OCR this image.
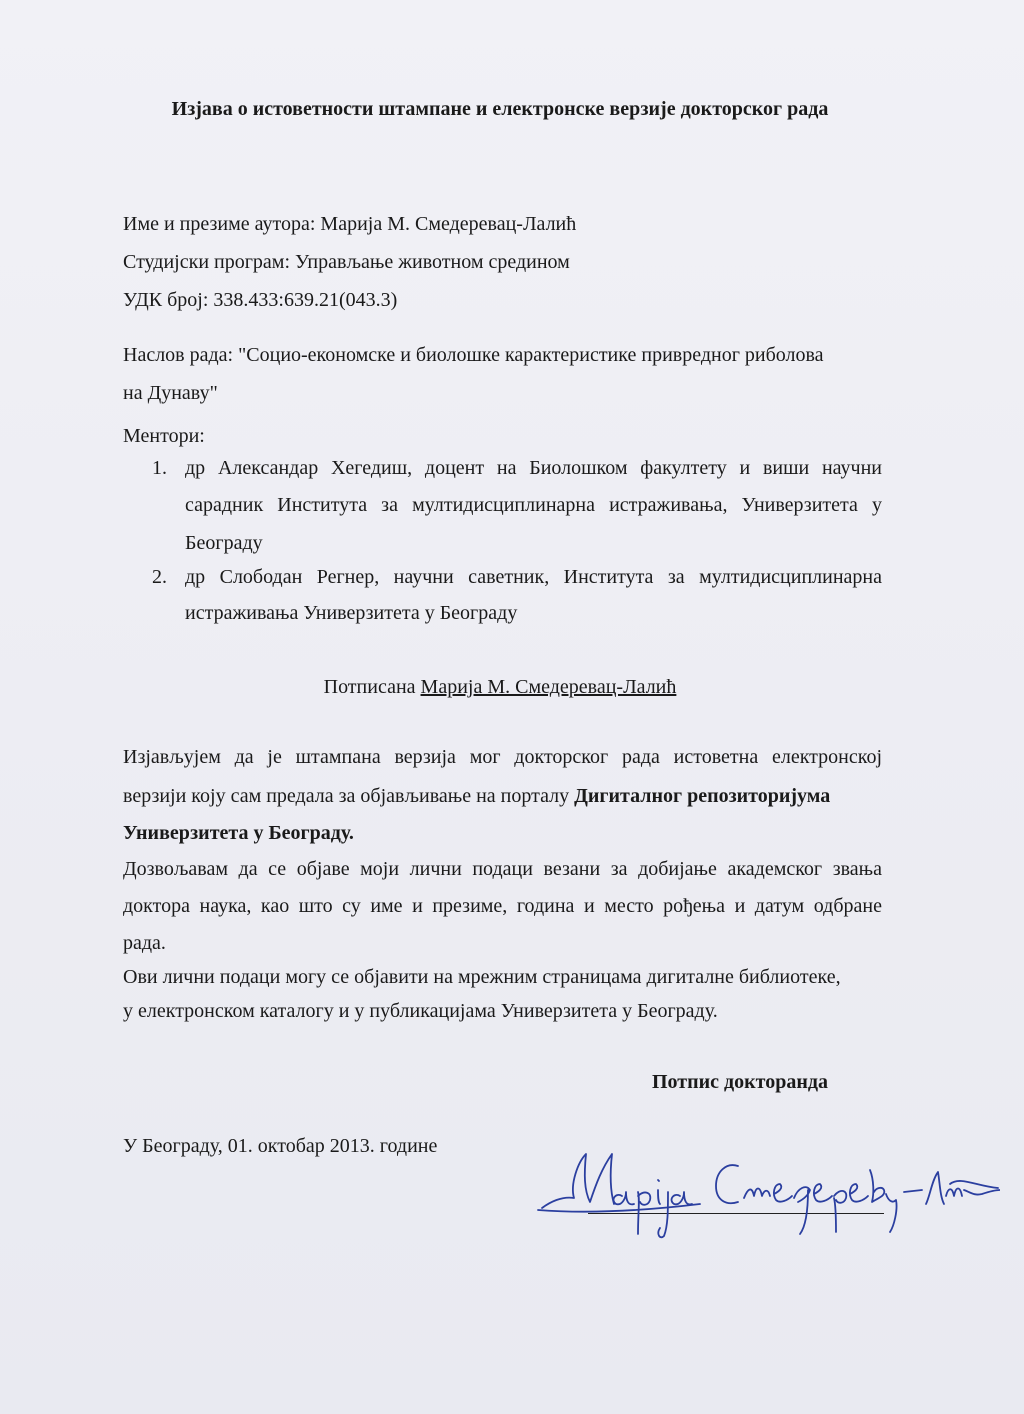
Изјава о истоветности штампане и електронске верзије докторског рада
Име и презиме аутора: Марија М. Смедеревац-Лалић
Студијски програм: Управљање животном средином
УДК број: 338.433:639.21(043.3)
Наслов рада: "Социо-економске и биолошке карактеристике привредног риболова
на Дунаву"
Ментори:
1. др Александар Хегедиш, доцент на Биолошком факултету и виши научни
сарадник Института за мултидисциплинарна истраживања, Универзитета у
Београду
2. др Слободан Регнер, научни саветник, Института за мултидисциплинарна
истраживања Универзитета у Београду
Потписана Марија М. Смедеревац-Лалић
Изјављујем да је штампана верзија мог докторског рада истоветна електронској
верзији коју сам предала за објављивање на порталу Дигиталног репозиторијума
Универзитета у Београду.
Дозвољавам да се објаве моји лични подаци везани за добијање академског звања
доктора наука, као што су име и презиме, година и место рођења и датум одбране
рада.
Ови лични подаци могу се објавити на мрежним страницама дигиталне библиотеке,
у електронском каталогу и у публикацијама Универзитета у Београду.
Потпис докторанда
У Београду, 01. октобар 2013. године
